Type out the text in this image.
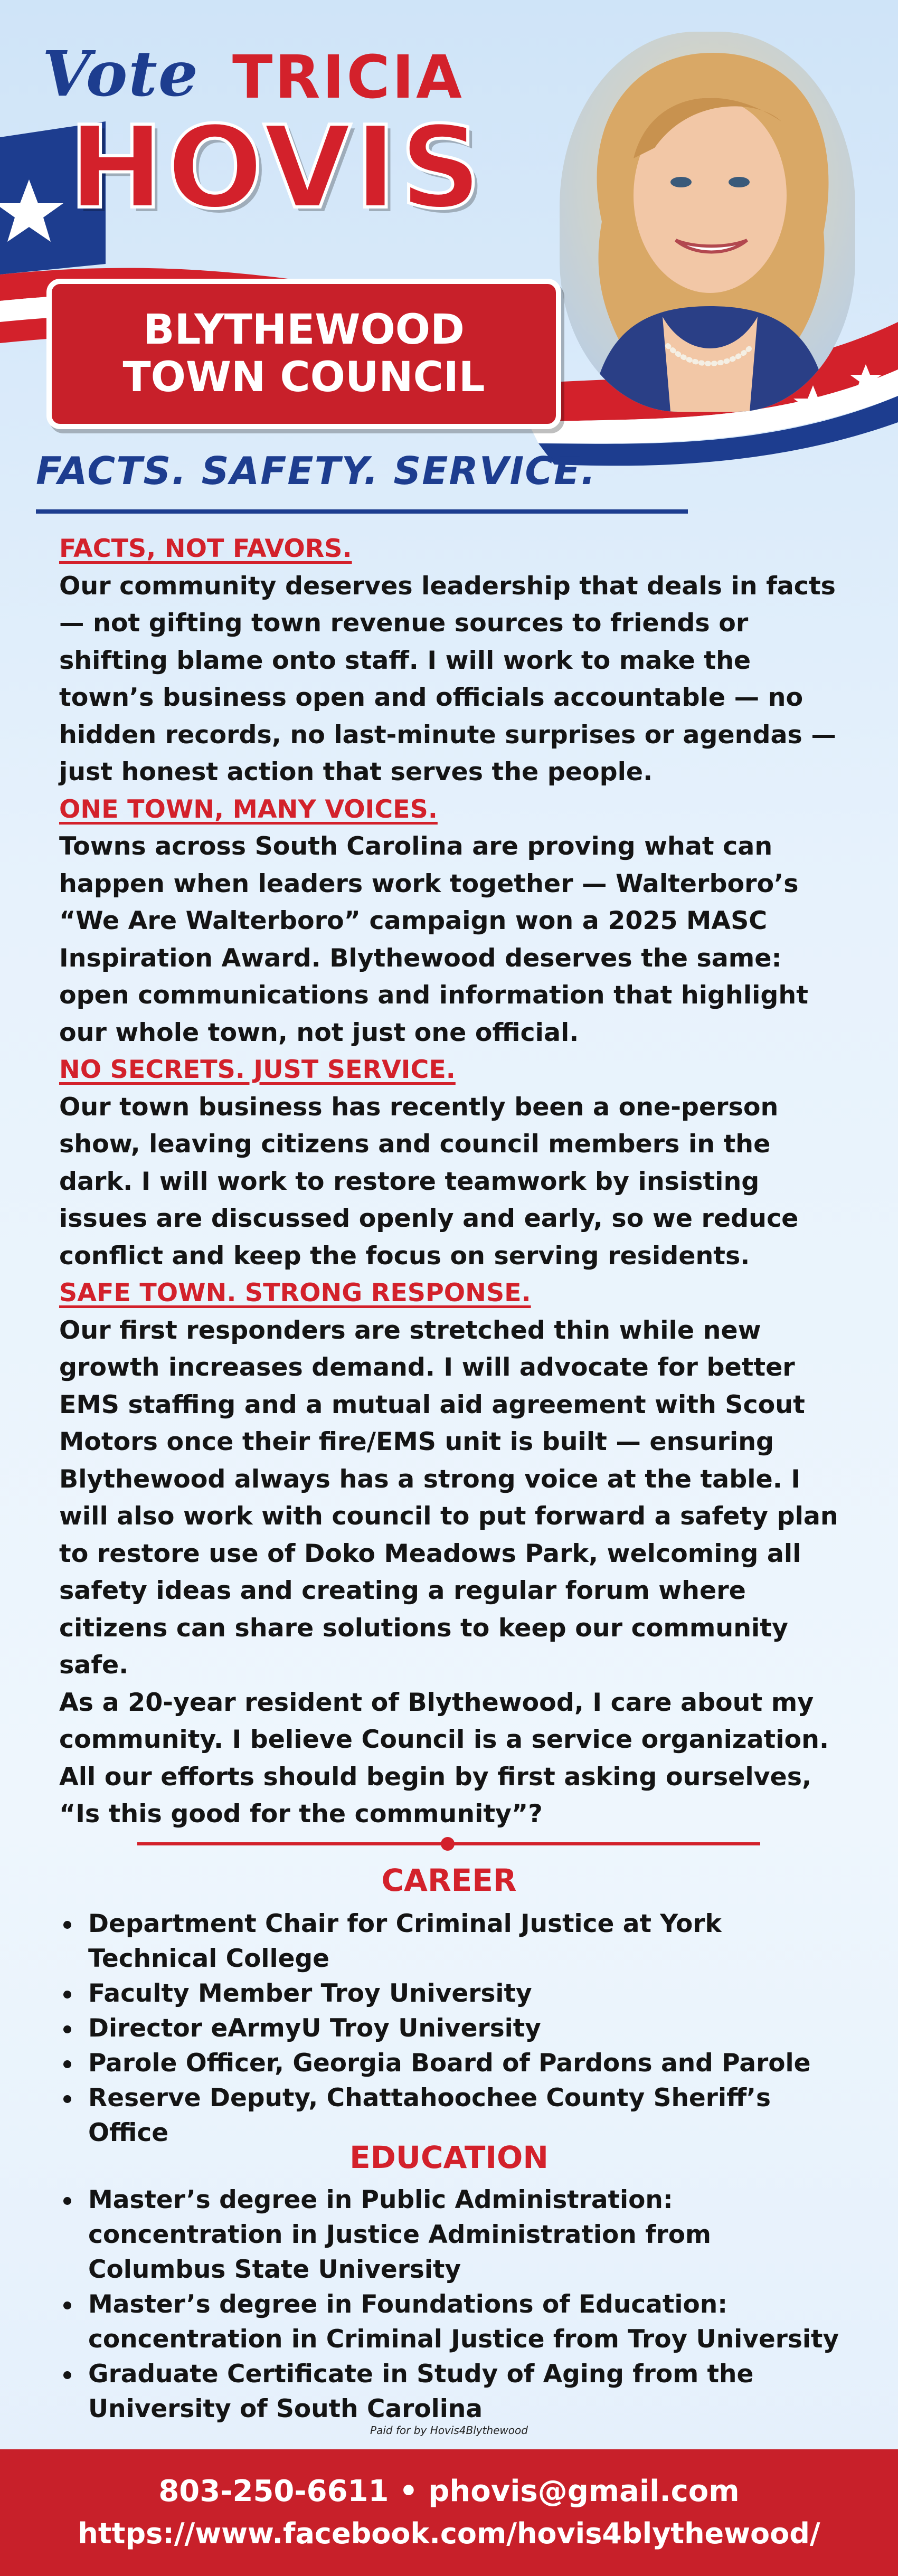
Vote TRICIA
HOVIS
BLYTHEWOOD
TOWN COUNCIL
FACTS. SAFETY. SERVICE.
FACTS, NOT FAVORS.
Our community deserves leadership that deals in facts — not gifting town revenue sources to friends or shifting blame onto staff. I will work to make the town’s business open and officials accountable — no hidden records, no last-minute surprises or agendas — just honest action that serves the people.
ONE TOWN, MANY VOICES.
Towns across South Carolina are proving what can happen when leaders work together — Walterboro’s “We Are Walterboro” campaign won a 2025 MASC Inspiration Award. Blythewood deserves the same: open communications and information that highlight our whole town, not just one official.
NO SECRETS. JUST SERVICE.
Our town business has recently been a one-person show, leaving citizens and council members in the dark. I will work to restore teamwork by insisting issues are discussed openly and early, so we reduce conflict and keep the focus on serving residents.
SAFE TOWN. STRONG RESPONSE.
Our first responders are stretched thin while new growth increases demand. I will advocate for better EMS staffing and a mutual aid agreement with Scout Motors once their fire/EMS unit is built — ensuring Blythewood always has a strong voice at the table. I will also work with council to put forward a safety plan to restore use of Doko Meadows Park, welcoming all safety ideas and creating a regular forum where citizens can share solutions to keep our community safe.
As a 20-year resident of Blythewood, I care about my community. I believe Council is a service organization. All our efforts should begin by first asking ourselves, “Is this good for the community”?
CAREER
Department Chair for Criminal Justice at York Technical College
Faculty Member Troy University
Director eArmyU Troy University
Parole Officer, Georgia Board of Pardons and Parole
Reserve Deputy, Chattahoochee County Sheriff’s Office
EDUCATION
Master’s degree in Public Administration: concentration in Justice Administration from Columbus State University
Master’s degree in Foundations of Education: concentration in Criminal Justice from Troy University
Graduate Certificate in Study of Aging from the University of South Carolina
Paid for by Hovis4Blythewood
803-250-6611 • phovis@gmail.com
https://www.facebook.com/hovis4blythewood/
